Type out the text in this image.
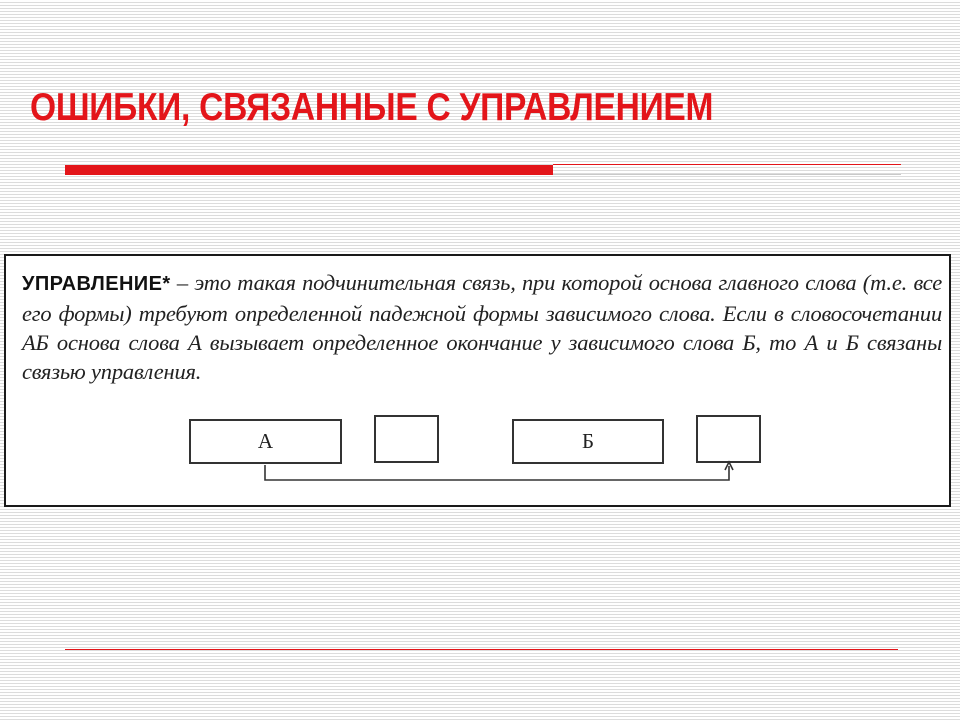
ОШИБКИ, СВЯЗАННЫЕ С УПРАВЛЕНИЕМ

УПРАВЛЕНИЕ* – это такая подчинительная связь, при которой основа главного слова (т.е. все его формы) требуют определенной падежной формы зависимого слова. Если в словосочетании АБ основа слова А вызывает определенное окончание у зависимого слова Б, то А и Б связаны связью управления.

А	Б
